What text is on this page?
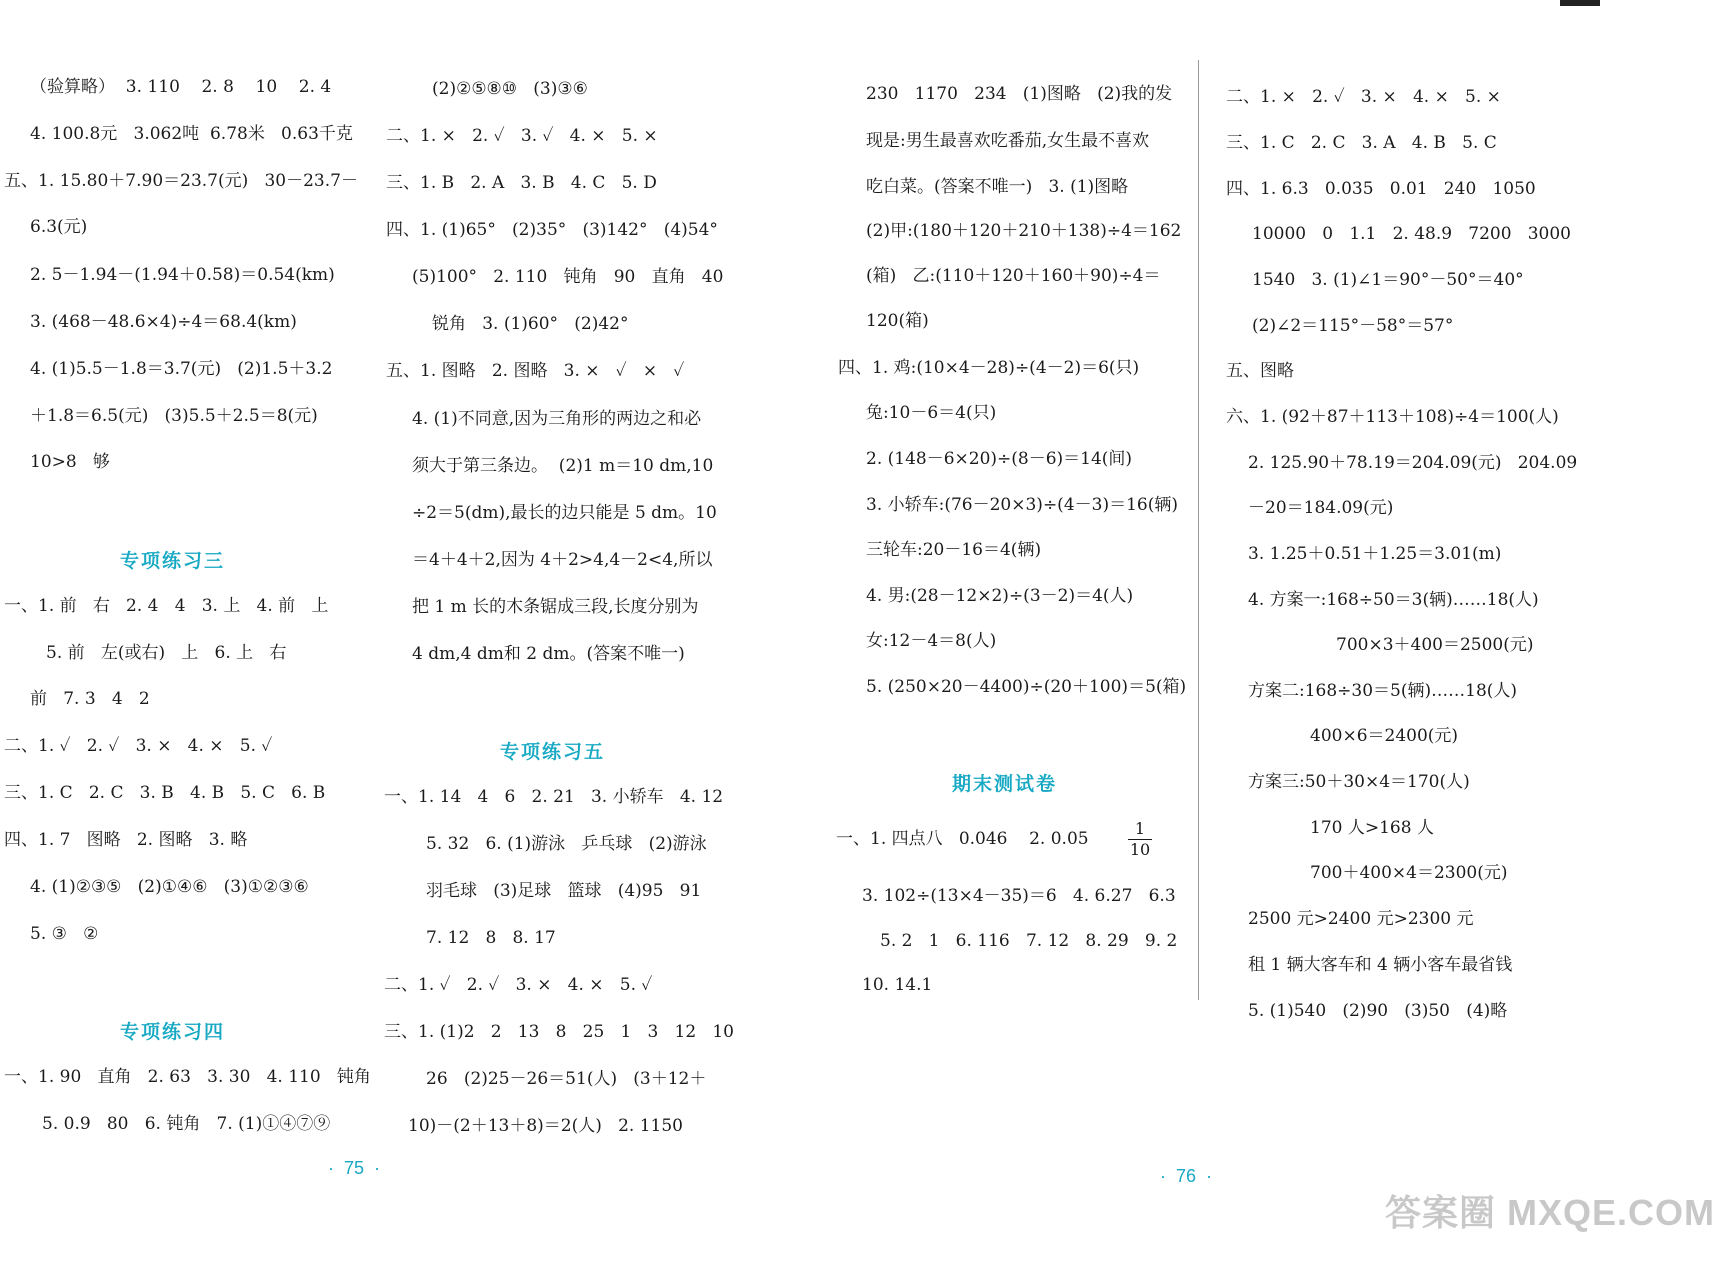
（验算略）  3. 110    2. 8    10    2. 4
4. 100.8元   3.062吨  6.78米   0.63千克
五、1. 15.80＋7.90＝23.7(元)   30－23.7－
6.3(元)
2. 5－1.94－(1.94＋0.58)＝0.54(km)
3. (468－48.6×4)÷4＝68.4(km)
4. (1)5.5－1.8＝3.7(元)   (2)1.5＋3.2
＋1.8＝6.5(元)   (3)5.5＋2.5＝8(元)
10>8   够
专项练习三
一、1. 前   右   2. 4   4   3. 上   4. 前   上
5. 前   左(或右)   上   6. 上   右
前   7. 3   4   2
二、1. ✓   2. ✓   3. ×   4. ×   5. ✓
三、1. C   2. C   3. B   4. B   5. C   6. B
四、1. 7   图略   2. 图略   3. 略
4. (1)②③⑤   (2)①④⑥   (3)①②③⑥
5. ③   ②
专项练习四
一、1. 90   直角   2. 63   3. 30   4. 110   钝角
5. 0.9   80   6. 钝角   7. (1)①④⑦⑨
(2)②⑤⑧⑩   (3)③⑥
二、1. ×   2. ✓   3. ✓   4. ×   5. ×
三、1. B   2. A   3. B   4. C   5. D
四、1. (1)65°   (2)35°   (3)142°   (4)54°
(5)100°   2. 110   钝角   90   直角   40
锐角   3. (1)60°   (2)42°
五、1. 图略   2. 图略   3. ×   ✓   ×   ✓
4. (1)不同意,因为三角形的两边之和必
须大于第三条边。  (2)1 m＝10 dm,10
÷2＝5(dm),最长的边只能是 5 dm。10
＝4＋4＋2,因为 4＋2>4,4－2<4,所以
把 1 m 长的木条锯成三段,长度分别为
4 dm,4 dm和 2 dm。(答案不唯一)
专项练习五
一、1. 14   4   6   2. 21   3. 小轿车   4. 12
5. 32   6. (1)游泳   乒乓球   (2)游泳
羽毛球   (3)足球   篮球   (4)95   91
7. 12   8   8. 17
二、1. ✓   2. ✓   3. ×   4. ×   5. ✓
三、1. (1)2   2   13   8   25   1   3   12   10
26   (2)25－26＝51(人)   (3＋12＋
10)－(2＋13＋8)＝2(人)   2. 1150
·  75  ·
230   1170   234   (1)图略   (2)我的发
现是:男生最喜欢吃番茄,女生最不喜欢
吃白菜。(答案不唯一)   3. (1)图略
(2)甲:(180＋120＋210＋138)÷4＝162
(箱)   乙:(110＋120＋160＋90)÷4＝
120(箱)
四、1. 鸡:(10×4－28)÷(4－2)＝6(只)
兔:10－6＝4(只)
2. (148－6×20)÷(8－6)＝14(间)
3. 小轿车:(76－20×3)÷(4－3)＝16(辆)
三轮车:20－16＝4(辆)
4. 男:(28－12×2)÷(3－2)＝4(人)
女:12－4＝8(人)
5. (250×20－4400)÷(20＋100)＝5(箱)
期末测试卷
一、1. 四点八   0.046    2. 0.05
1
10
3. 102÷(13×4－35)＝6   4. 6.27   6.3
5. 2   1   6. 116   7. 12   8. 29   9. 2
10. 14.1
二、1. ×   2. ✓   3. ×   4. ×   5. ×
三、1. C   2. C   3. A   4. B   5. C
四、1. 6.3   0.035   0.01   240   1050
10000   0   1.1   2. 48.9   7200   3000
1540   3. (1)∠1＝90°－50°＝40°
(2)∠2＝115°－58°＝57°
五、图略
六、1. (92＋87＋113＋108)÷4＝100(人)
2. 125.90＋78.19＝204.09(元)   204.09
－20＝184.09(元)
3. 1.25＋0.51＋1.25＝3.01(m)
4. 方案一:168÷50＝3(辆)……18(人)
700×3＋400＝2500(元)
方案二:168÷30＝5(辆)……18(人)
400×6＝2400(元)
方案三:50＋30×4＝170(人)
170 人>168 人
700＋400×4＝2300(元)
2500 元>2400 元>2300 元
租 1 辆大客车和 4 辆小客车最省钱
5. (1)540   (2)90   (3)50   (4)略
·  76  ·
答案圈 MXQE.COM
